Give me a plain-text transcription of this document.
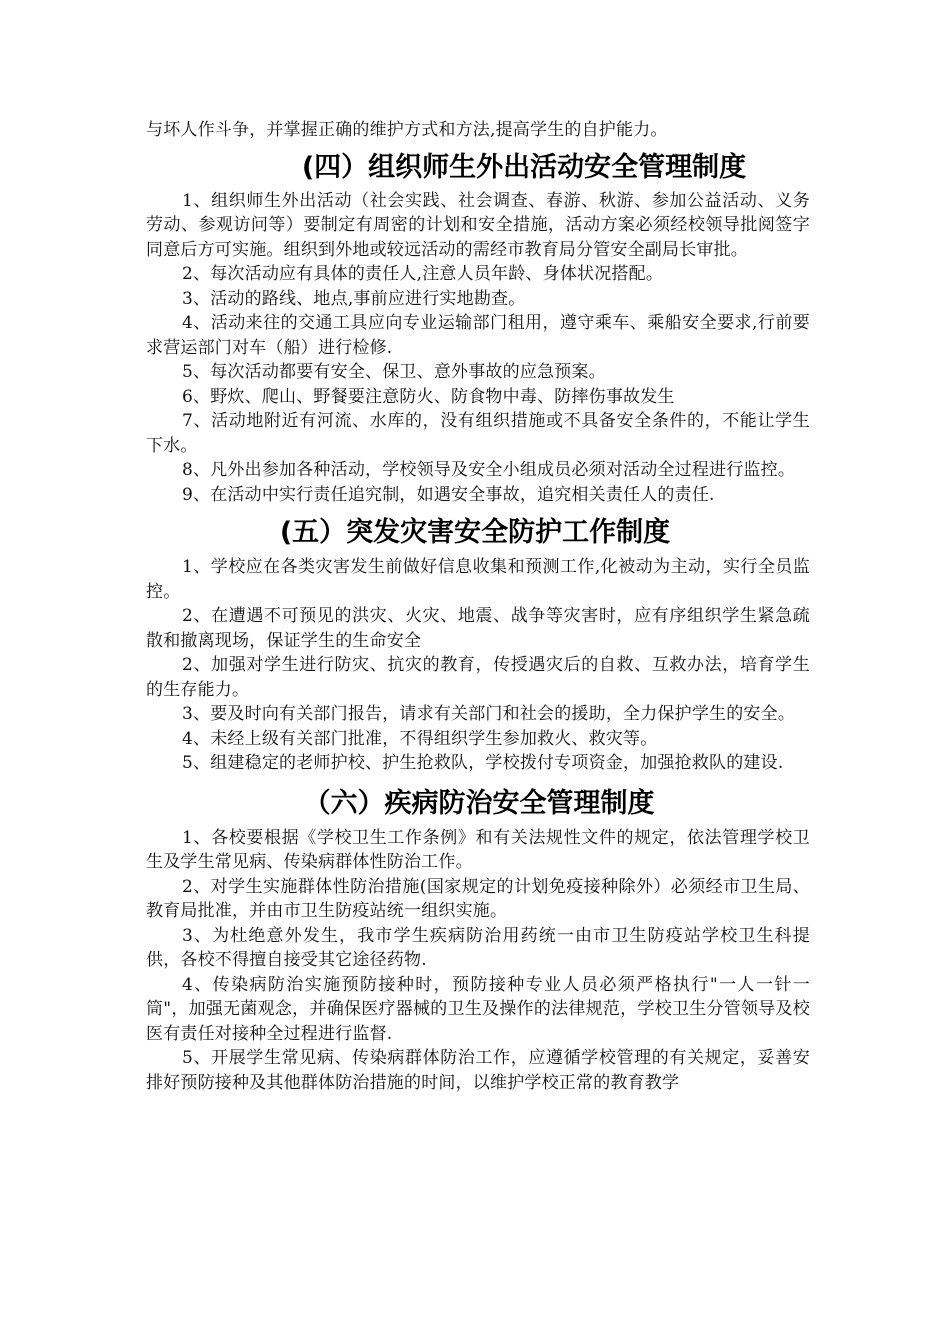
与坏人作斗争，并掌握正确的维护方式和方法,提高学生的自护能力。

(四）组织师生外出活动安全管理制度

1、组织师生外出活动（社会实践、社会调查、春游、秋游、参加公益活动、义务劳动、参观访问等）要制定有周密的计划和安全措施，活动方案必须经校领导批阅签字同意后方可实施。组织到外地或较远活动的需经市教育局分管安全副局长审批。

2、每次活动应有具体的责任人,注意人员年龄、身体状况搭配。

3、活动的路线、地点,事前应进行实地勘查。

4、活动来往的交通工具应向专业运输部门租用，遵守乘车、乘船安全要求,行前要求营运部门对车（船）进行检修.

5、每次活动都要有安全、保卫、意外事故的应急预案。

6、野炊、爬山、野餐要注意防火、防食物中毒、防摔伤事故发生

7、活动地附近有河流、水库的，没有组织措施或不具备安全条件的，不能让学生下水。

8、凡外出参加各种活动，学校领导及安全小组成员必须对活动全过程进行监控。

9、在活动中实行责任追究制，如遇安全事故，追究相关责任人的责任.

(五）突发灾害安全防护工作制度

1、学校应在各类灾害发生前做好信息收集和预测工作,化被动为主动，实行全员监控。

2、在遭遇不可预见的洪灾、火灾、地震、战争等灾害时，应有序组织学生紧急疏散和撤离现场，保证学生的生命安全

2、加强对学生进行防灾、抗灾的教育，传授遇灾后的自救、互救办法，培育学生的生存能力。

3、要及时向有关部门报告，请求有关部门和社会的援助，全力保护学生的安全。

4、未经上级有关部门批准，不得组织学生参加救火、救灾等。

5、组建稳定的老师护校、护生抢救队，学校拨付专项资金，加强抢救队的建设.

（六）疾病防治安全管理制度

1、各校要根据《学校卫生工作条例》和有关法规性文件的规定，依法管理学校卫生及学生常见病、传染病群体性防治工作。

2、对学生实施群体性防治措施(国家规定的计划免疫接种除外）必须经市卫生局、教育局批准，并由市卫生防疫站统一组织实施。

3、为杜绝意外发生，我市学生疾病防治用药统一由市卫生防疫站学校卫生科提供，各校不得擅自接受其它途径药物.

4、传染病防治实施预防接种时，预防接种专业人员必须严格执行"一人一针一筒"，加强无菌观念，并确保医疗器械的卫生及操作的法律规范，学校卫生分管领导及校医有责任对接种全过程进行监督.

5、开展学生常见病、传染病群体防治工作，应遵循学校管理的有关规定，妥善安排好预防接种及其他群体防治措施的时间，以维护学校正常的教育教学
